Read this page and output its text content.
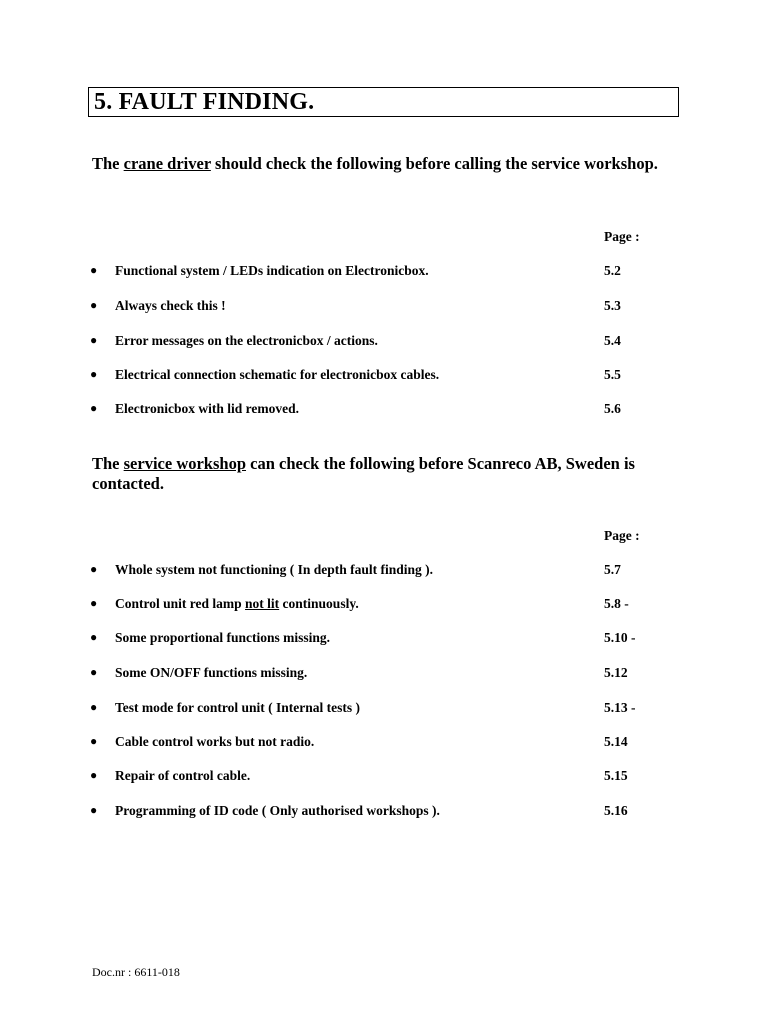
5. FAULT FINDING.
The crane driver should check the following before calling the service workshop.
Page :
● Functional system / LEDs indication on Electronicbox.	5.2
● Always check this !	5.3
● Error messages on the electronicbox / actions.	5.4
● Electrical connection schematic for electronicbox cables.	5.5
● Electronicbox with lid removed.	5.6
The service workshop can check the following before Scanreco AB, Sweden is contacted.
Page :
● Whole system not functioning ( In depth fault finding ).	5.7
● Control unit red lamp not lit continuously.	5.8 -
● Some proportional functions missing.	5.10 -
● Some ON/OFF functions missing.	5.12
● Test mode for control unit ( Internal tests )	5.13 -
● Cable control works but not radio.	5.14
● Repair of control cable.	5.15
● Programming of ID code ( Only authorised workshops ).	5.16
Doc.nr : 6611-018
